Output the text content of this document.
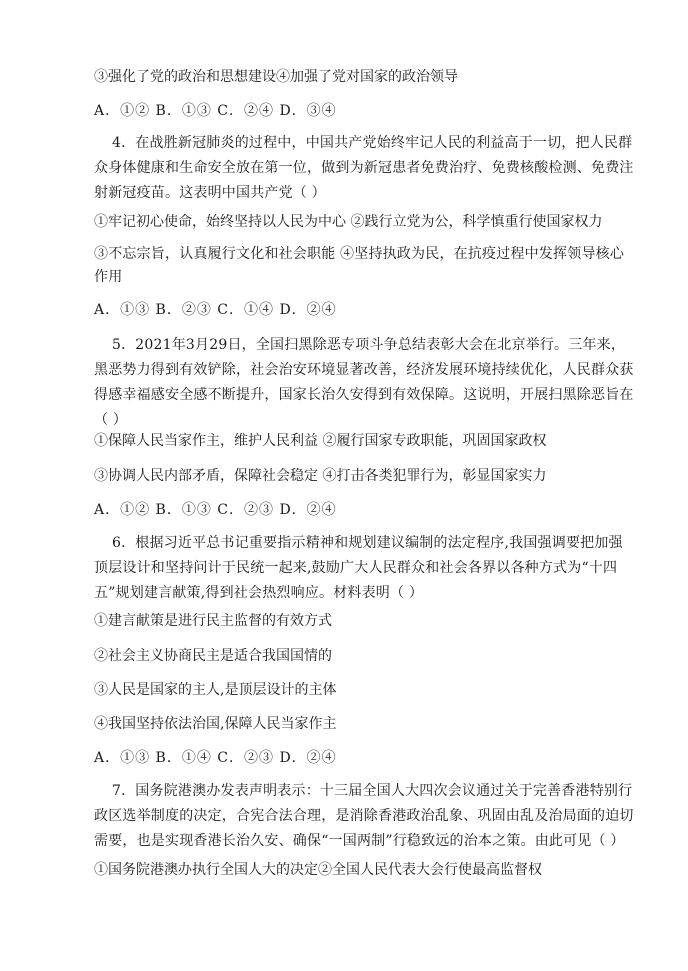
③强化了党的政治和思想建设④加强了党对国家的政治领导
A．①② B．①③ C．②④ D．③④
4．在战胜新冠肺炎的过程中，中国共产党始终牢记人民的利益高于一切，把人民群众身体健康和生命安全放在第一位，做到为新冠患者免费治疗、免费核酸检测、免费注射新冠疫苗。这表明中国共产党（ ）
①牢记初心使命，始终坚持以人民为中心 ②践行立党为公，科学慎重行使国家权力
③不忘宗旨，认真履行文化和社会职能 ④坚持执政为民，在抗疫过程中发挥领导核心作用
A．①③ B．②③ C．①④ D．②④
5．2021年3月29日，全国扫黑除恶专项斗争总结表彰大会在北京举行。三年来，黑恶势力得到有效铲除，社会治安环境显著改善，经济发展环境持续优化，人民群众获得感幸福感安全感不断提升，国家长治久安得到有效保障。这说明，开展扫黑除恶旨在（ ）
①保障人民当家作主，维护人民利益 ②履行国家专政职能，巩固国家政权
③协调人民内部矛盾，保障社会稳定 ④打击各类犯罪行为，彰显国家实力
A．①② B．①③ C．②③ D．②④
6．根据习近平总书记重要指示精神和规划建议编制的法定程序,我国强调要把加强顶层设计和坚持问计于民统一起来,鼓励广大人民群众和社会各界以各种方式为“十四五”规划建言献策,得到社会热烈响应。材料表明（ ）
①建言献策是进行民主监督的有效方式
②社会主义协商民主是适合我国国情的
③人民是国家的主人,是顶层设计的主体
④我国坚持依法治国,保障人民当家作主
A．①③ B．①④ C．②③ D．②④
7．国务院港澳办发表声明表示：十三届全国人大四次会议通过关于完善香港特别行政区选举制度的决定，合宪合法合理，是消除香港政治乱象、巩固由乱及治局面的迫切需要，也是实现香港长治久安、确保“一国两制”行稳致远的治本之策。由此可见（ ）
①国务院港澳办执行全国人大的决定②全国人民代表大会行使最高监督权
